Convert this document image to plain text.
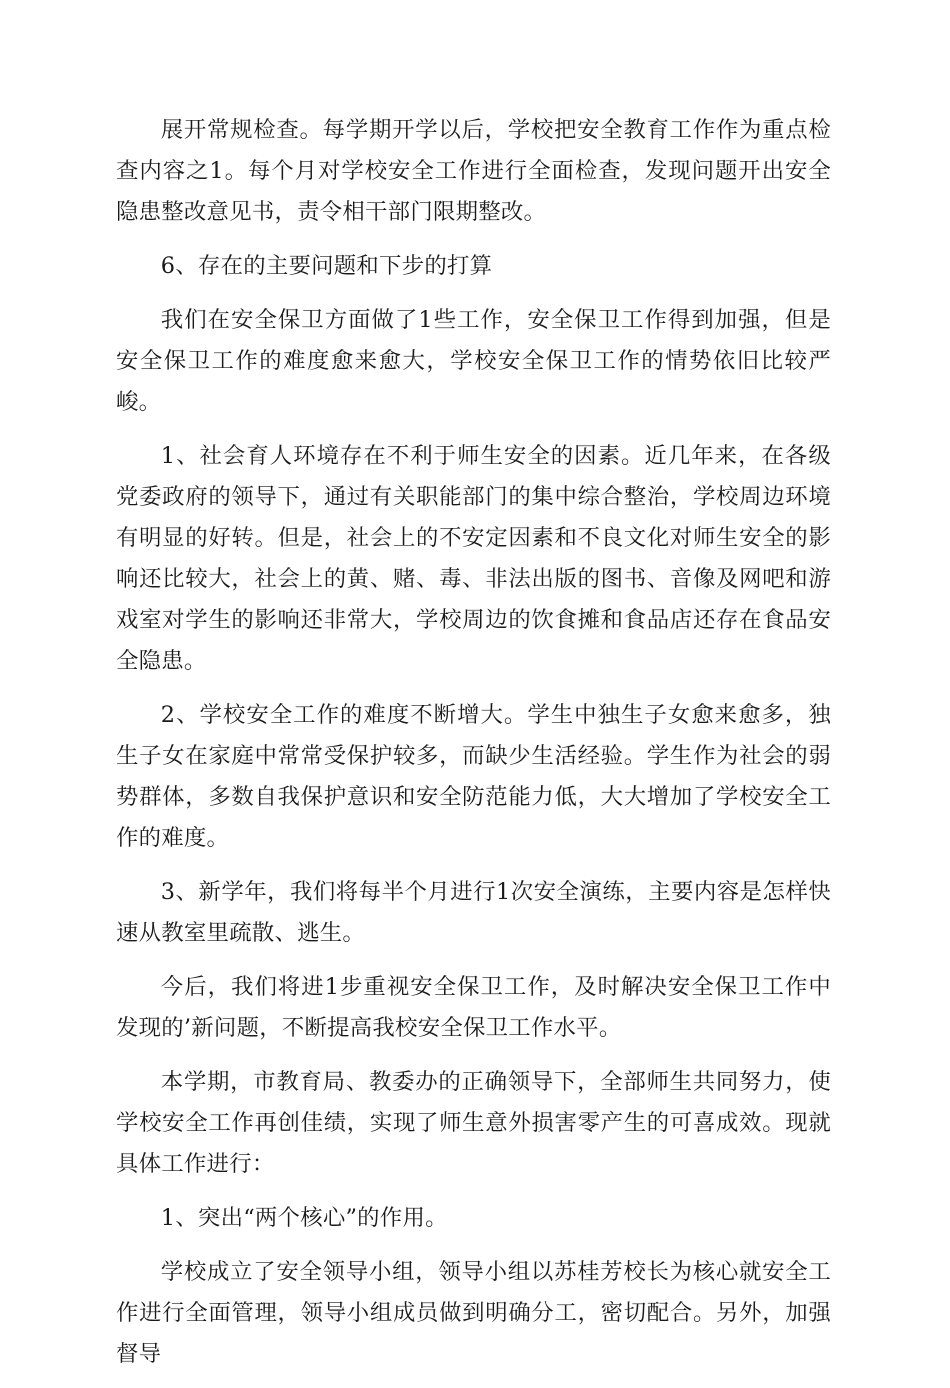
展开常规检查。每学期开学以后，学校把安全教育工作作为重点检查内容之1。每个月对学校安全工作进行全面检查，发现问题开出安全隐患整改意见书，责令相干部门限期整改。

6、存在的主要问题和下步的打算

我们在安全保卫方面做了1些工作，安全保卫工作得到加强，但是安全保卫工作的难度愈来愈大，学校安全保卫工作的情势依旧比较严峻。

1、社会育人环境存在不利于师生安全的因素。近几年来，在各级党委政府的领导下，通过有关职能部门的集中综合整治，学校周边环境有明显的好转。但是，社会上的不安定因素和不良文化对师生安全的影响还比较大，社会上的黄、赌、毒、非法出版的图书、音像及网吧和游戏室对学生的影响还非常大，学校周边的饮食摊和食品店还存在食品安全隐患。

2、学校安全工作的难度不断增大。学生中独生子女愈来愈多，独生子女在家庭中常常受保护较多，而缺少生活经验。学生作为社会的弱势群体，多数自我保护意识和安全防范能力低，大大增加了学校安全工作的难度。

3、新学年，我们将每半个月进行1次安全演练，主要内容是怎样快速从教室里疏散、逃生。

今后，我们将进1步重视安全保卫工作，及时解决安全保卫工作中发现的’新问题，不断提高我校安全保卫工作水平。

本学期，市教育局、教委办的正确领导下，全部师生共同努力，使学校安全工作再创佳绩，实现了师生意外损害零产生的可喜成效。现就具体工作进行：

1、突出“两个核心”的作用。

学校成立了安全领导小组，领导小组以苏桂芳校长为核心就安全工作进行全面管理，领导小组成员做到明确分工，密切配合。另外，加强督导
